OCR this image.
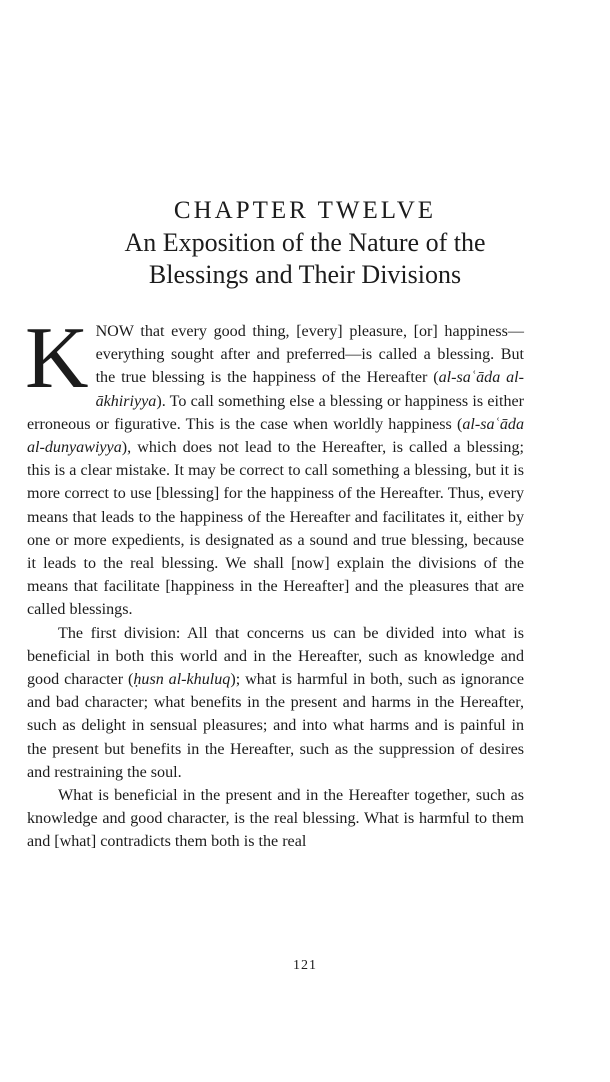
CHAPTER TWELVE
An Exposition of the Nature of the
Blessings and Their Divisions

KNOW that every good thing, [every] pleasure, [or] happiness—everything sought after and preferred—is called a blessing. But the true blessing is the happiness of the Hereafter (al-saʿāda al-ākhiriyya). To call something else a blessing or happiness is either erroneous or figurative. This is the case when worldly happiness (al-saʿāda al-dunyawiyya), which does not lead to the Hereafter, is called a blessing; this is a clear mistake. It may be correct to call something a blessing, but it is more correct to use [blessing] for the happiness of the Hereafter. Thus, every means that leads to the happiness of the Hereafter and facilitates it, either by one or more expedients, is designated as a sound and true blessing, because it leads to the real blessing. We shall [now] explain the divisions of the means that facilitate [happiness in the Hereafter] and the pleasures that are called blessings.

The first division: All that concerns us can be divided into what is beneficial in both this world and in the Hereafter, such as knowledge and good character (ḥusn al-khuluq); what is harmful in both, such as ignorance and bad character; what benefits in the present and harms in the Hereafter, such as delight in sensual pleasures; and into what harms and is painful in the present but benefits in the Hereafter, such as the suppression of desires and restraining the soul.

What is beneficial in the present and in the Hereafter together, such as knowledge and good character, is the real blessing. What is harmful to them and [what] contradicts them both is the real

121
